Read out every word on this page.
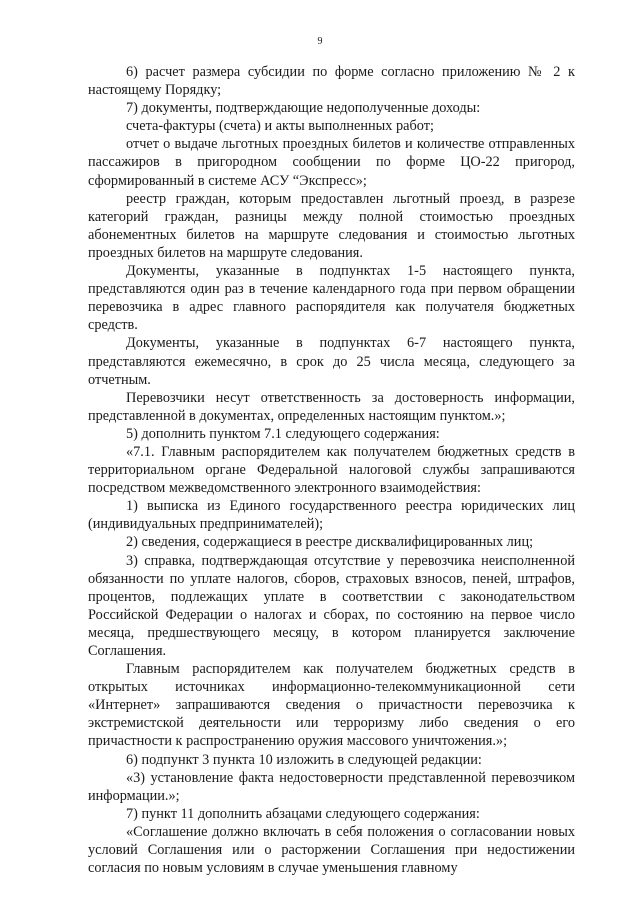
9

6) расчет размера субсидии по форме согласно приложению № 2 к настоящему Порядку;

7) документы, подтверждающие недополученные доходы:

счета-фактуры (счета) и акты выполненных работ;

отчет о выдаче льготных проездных билетов и количестве отправленных пассажиров в пригородном сообщении по форме ЦО-22 пригород, сформированный в системе АСУ “Экспресс»;

реестр граждан, которым предоставлен льготный проезд, в разрезе категорий граждан, разницы между полной стоимостью проездных абонементных билетов на маршруте следования и стоимостью льготных проездных билетов на маршруте следования.

Документы, указанные в подпунктах 1-5 настоящего пункта, представляются один раз в течение календарного года при первом обращении перевозчика в адрес главного распорядителя как получателя бюджетных средств.

Документы, указанные в подпунктах 6-7 настоящего пункта, представляются ежемесячно, в срок до 25 числа месяца, следующего за отчетным.

Перевозчики несут ответственность за достоверность информации, представленной в документах, определенных настоящим пунктом.»;

5) дополнить пунктом 7.1 следующего содержания:

«7.1. Главным распорядителем как получателем бюджетных средств в территориальном органе Федеральной налоговой службы запрашиваются посредством межведомственного электронного взаимодействия:

1) выписка из Единого государственного реестра юридических лиц (индивидуальных предпринимателей);

2) сведения, содержащиеся в реестре дисквалифицированных лиц;

3) справка, подтверждающая отсутствие у перевозчика неисполненной обязанности по уплате налогов, сборов, страховых взносов, пеней, штрафов, процентов, подлежащих уплате в соответствии с законодательством Российской Федерации о налогах и сборах, по состоянию на первое число месяца, предшествующего месяцу, в котором планируется заключение Соглашения.

Главным распорядителем как получателем бюджетных средств в открытых источниках информационно-телекоммуникационной сети «Интернет» запрашиваются сведения о причастности перевозчика к экстремистской деятельности или терроризму либо сведения о его причастности к распространению оружия массового уничтожения.»;

6) подпункт 3 пункта 10 изложить в следующей редакции:

«3) установление факта недостоверности представленной перевозчиком информации.»;

7) пункт 11 дополнить абзацами следующего содержания:

«Соглашение должно включать в себя положения о согласовании новых условий Соглашения или о расторжении Соглашения при недостижении согласия по новым условиям в случае уменьшения главному
